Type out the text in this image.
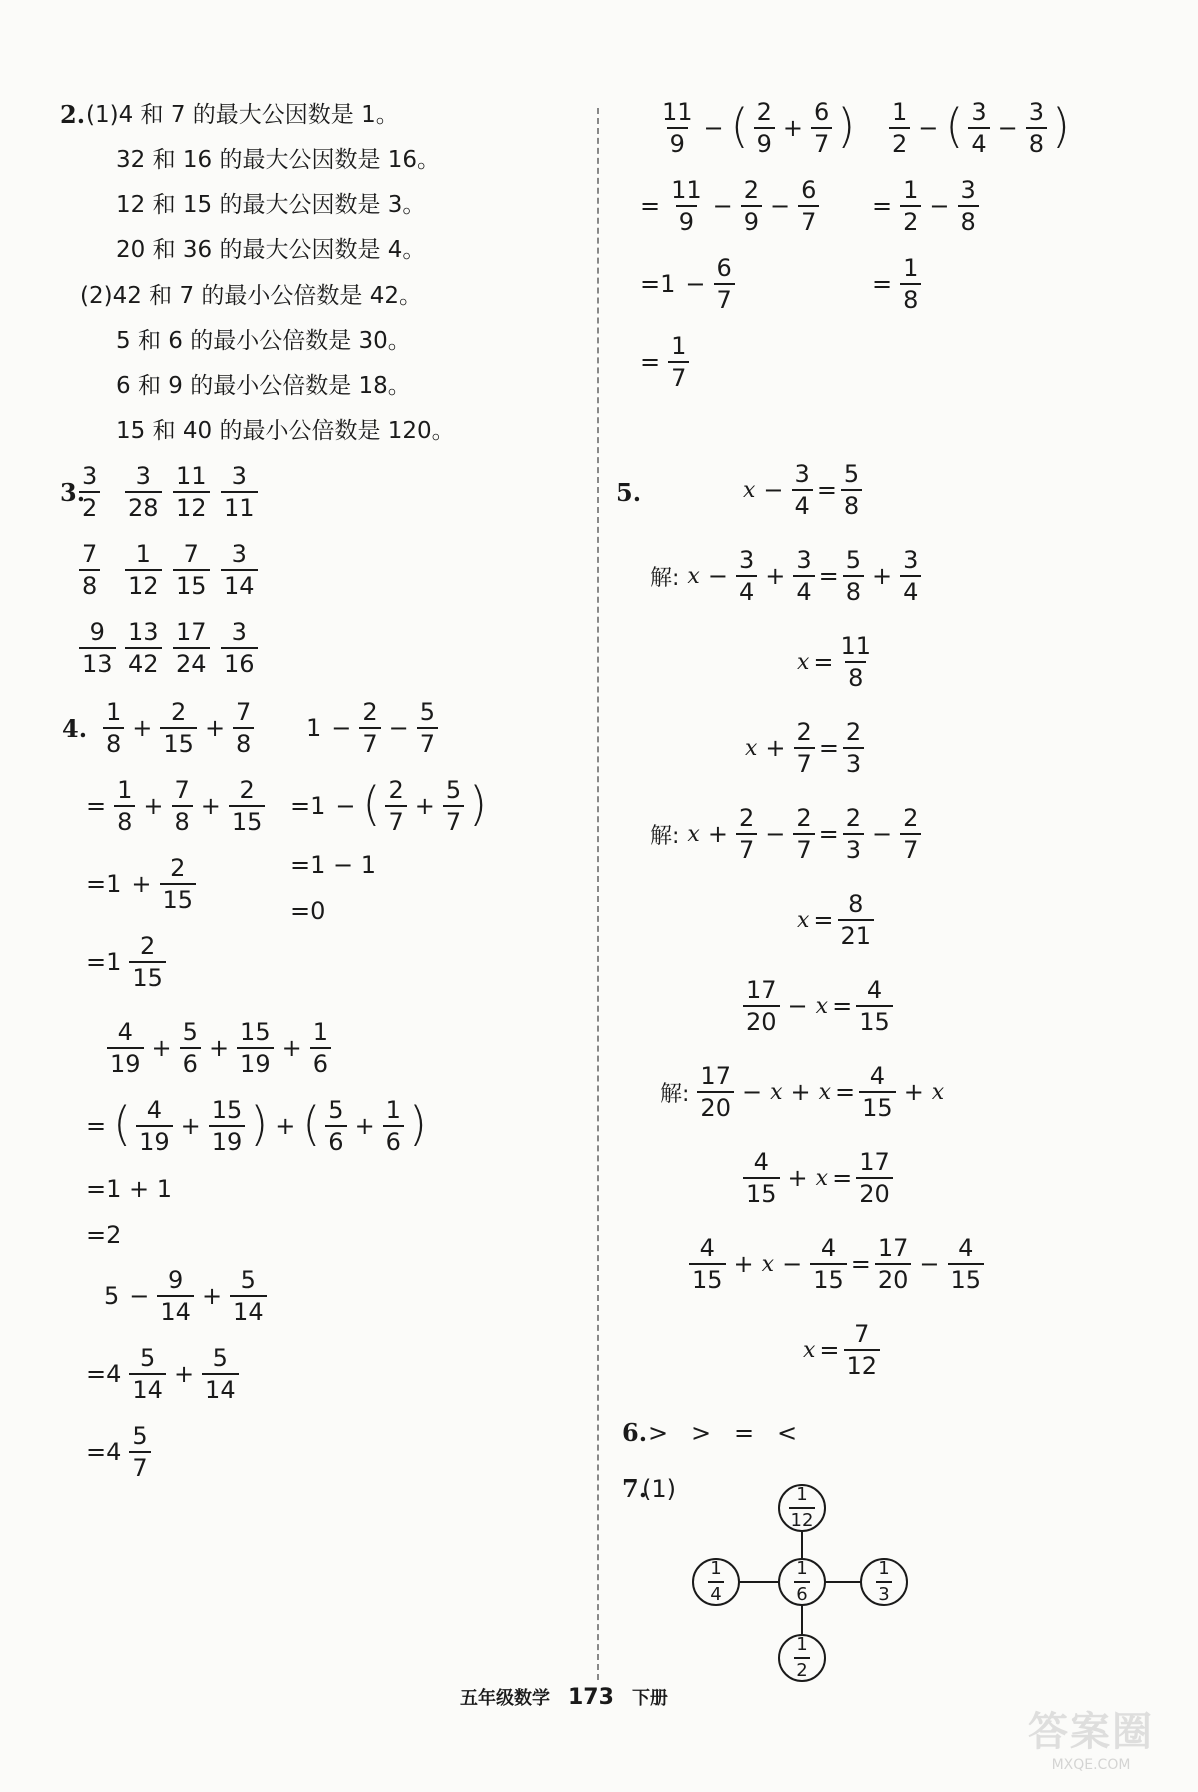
2. (1)4 和 7 的最大公因数是 1。
32 和 16 的最大公因数是 16。
12 和 15 的最大公因数是 3。
20 和 36 的最大公因数是 4。
(2)42 和 7 的最小公倍数是 42。
5 和 6 的最小公倍数是 30。
6 和 9 的最小公倍数是 18。
15 和 40 的最小公倍数是 120。
3.
$\frac{3}{2} \frac{3}{28} \frac{11}{12} \frac{3}{11}$
$\frac{7}{8} \frac{1}{12} \frac{7}{15} \frac{3}{14}$
$\frac{9}{13} \frac{13}{42} \frac{17}{24} \frac{3}{16}$
4. $\frac{1}{8} + \frac{2}{15} + \frac{7}{8}$
= $\frac{1}{8} + \frac{7}{8} + \frac{2}{15}$
$=1 + \frac{2}{15}$
$=1 \frac{2}{15}$
$1 - \frac{2}{7} - \frac{5}{7}$
=1 − ( $\frac{2}{7} + \frac{5}{7}$ )
=1 − 1
=0
$\frac{4}{19} + \frac{5}{6} + \frac{15}{19} + \frac{1}{6}$
= ( $\frac{4}{19} + \frac{15}{19}$ ) + ( $\frac{5}{6} + \frac{1}{6}$ )
=1 + 1
=2
$5 - \frac{9}{14} + \frac{5}{14}$
$=4 \frac{5}{14} + \frac{5}{14}$
$=4 \frac{5}{7}$
$\frac{11}{9}$ − ( $\frac{2}{9} + \frac{6}{7}$ )
= $\frac{11}{9} - \frac{2}{9} - \frac{6}{7}$
$=1 - \frac{6}{7}$
= $\frac{1}{7}$
$\frac{1}{2}$ − ( $\frac{3}{4} - \frac{3}{8}$ )
= $\frac{1}{2} - \frac{3}{8}$
= $\frac{1}{8}$
5.	$x - \frac{3}{4} = \frac{5}{8}$
解: $x - \frac{3}{4} + \frac{3}{4} = \frac{5}{8} + \frac{3}{4}$
$x = \frac{11}{8}$
$x + \frac{2}{7} = \frac{2}{3}$
解: $x + \frac{2}{7} - \frac{2}{7} = \frac{2}{3} - \frac{2}{7}$
$x = \frac{8}{21}$
$\frac{17}{20} - x = \frac{4}{15}$
解: $\frac{17}{20} - x + x = \frac{4}{15} + x$
$\frac{4}{15} + x = \frac{17}{20}$
$\frac{4}{15} + x - \frac{4}{15} = \frac{17}{20} - \frac{4}{15}$
$x = \frac{7}{12}$
6. >   >   =   <
7.
(1)	$\frac{1}{12}$
$\frac{1}{4}$	$\frac{1}{6}$	$\frac{1}{3}$
$\frac{1}{2}$
五年级数学 173 下册
答案圈
MXQE.COM
